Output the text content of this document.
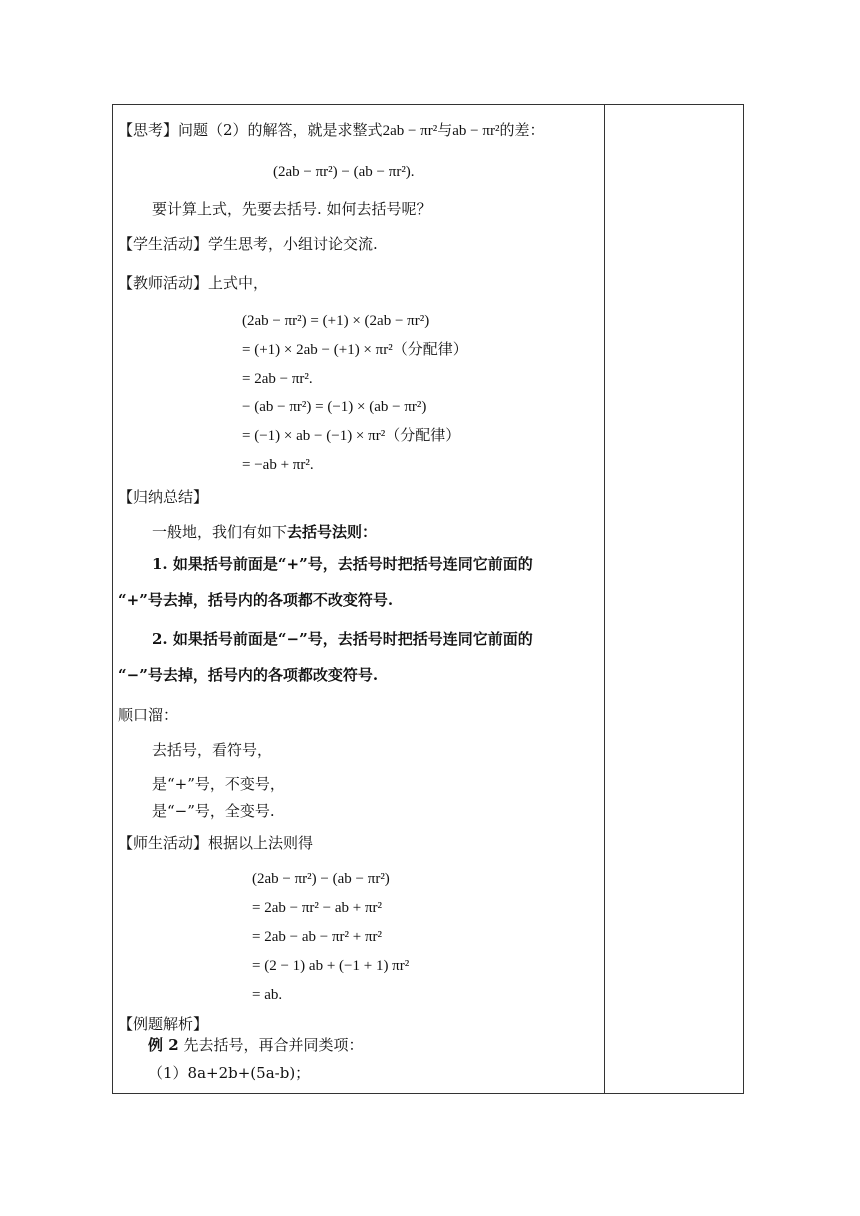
【思考】问题（2）的解答，就是求整式2ab − πr²与ab − πr²的差：
(2ab − πr²) − (ab − πr²).
要计算上式，先要去括号. 如何去括号呢？
【学生活动】学生思考，小组讨论交流.
【教师活动】上式中，
(2ab − πr²) = (+1) × (2ab − πr²)
= (+1) × 2ab − (+1) × πr²（分配律）
= 2ab − πr².
− (ab − πr²) = (−1) × (ab − πr²)
= (−1) × ab − (−1) × πr²（分配律）
= −ab + πr².
【归纳总结】
一般地，我们有如下去括号法则：
1. 如果括号前面是“+”号，去括号时把括号连同它前面的
“+”号去掉，括号内的各项都不改变符号.
2. 如果括号前面是“−”号，去括号时把括号连同它前面的
“−”号去掉，括号内的各项都改变符号.
顺口溜：
去括号，看符号，
是“+”号，不变号，
是“−”号，全变号.
【师生活动】根据以上法则得
(2ab − πr²) − (ab − πr²)
= 2ab − πr² − ab + πr²
= 2ab − ab − πr² + πr²
= (2 − 1) ab + (−1 + 1) πr²
= ab.
【例题解析】
例 2 先去括号，再合并同类项：
（1）8a+2b+(5a-b)；
